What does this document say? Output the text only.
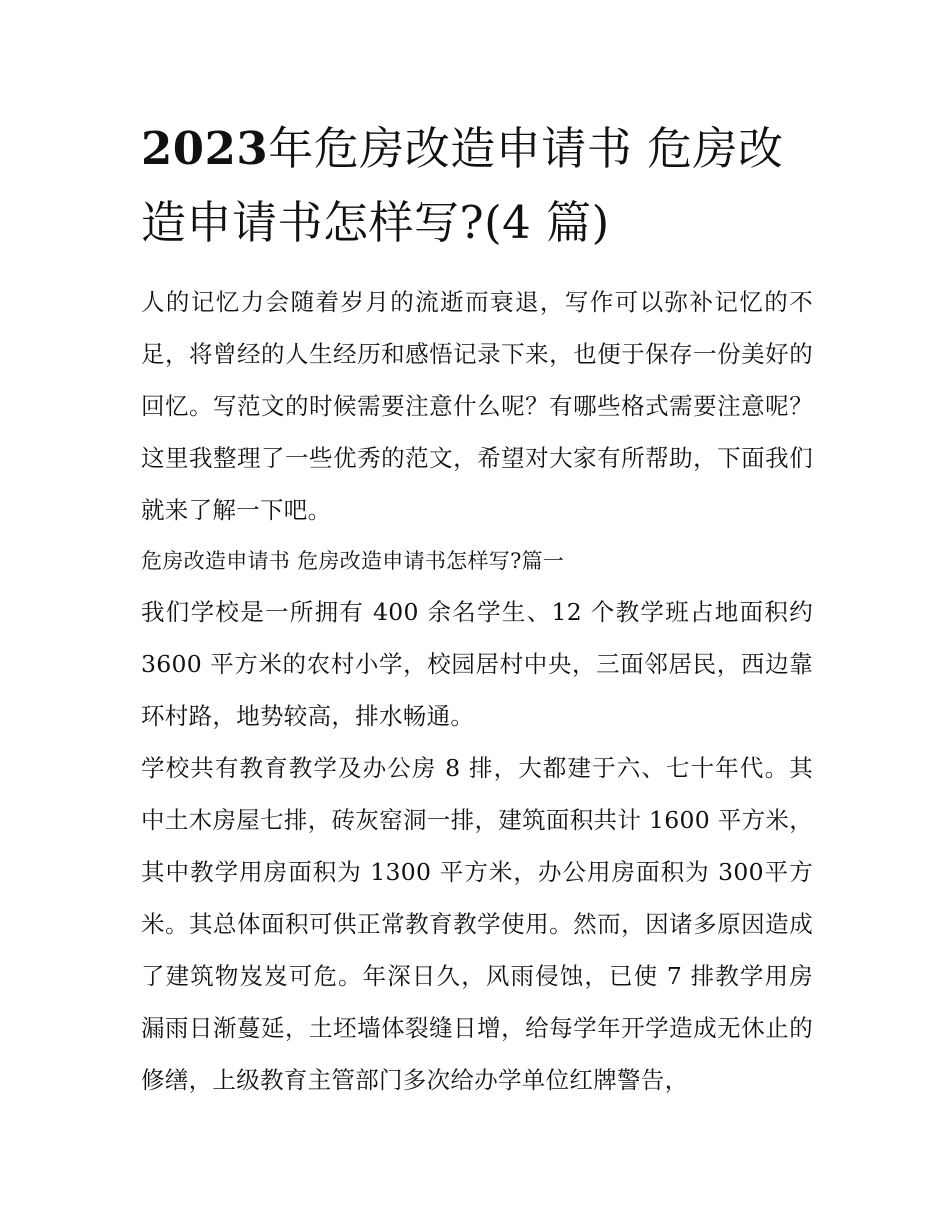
2023年危房改造申请书 危房改造申请书怎样写?(4 篇)

人的记忆力会随着岁月的流逝而衰退，写作可以弥补记忆的不足，将曾经的人生经历和感悟记录下来，也便于保存一份美好的回忆。写范文的时候需要注意什么呢？有哪些格式需要注意呢？这里我整理了一些优秀的范文，希望对大家有所帮助，下面我们就来了解一下吧。

危房改造申请书 危房改造申请书怎样写?篇一

我们学校是一所拥有 400 余名学生、12 个教学班占地面积约3600 平方米的农村小学，校园居村中央，三面邻居民，西边靠环村路，地势较高，排水畅通。

学校共有教育教学及办公房 8 排，大都建于六、七十年代。其中土木房屋七排，砖灰窑洞一排，建筑面积共计 1600 平方米，其中教学用房面积为 1300 平方米，办公用房面积为 300平方米。其总体面积可供正常教育教学使用。然而，因诸多原因造成了建筑物岌岌可危。年深日久，风雨侵蚀，已使 7 排教学用房漏雨日渐蔓延，土坯墙体裂缝日增，给每学年开学造成无休止的修缮，上级教育主管部门多次给办学单位红牌警告，
